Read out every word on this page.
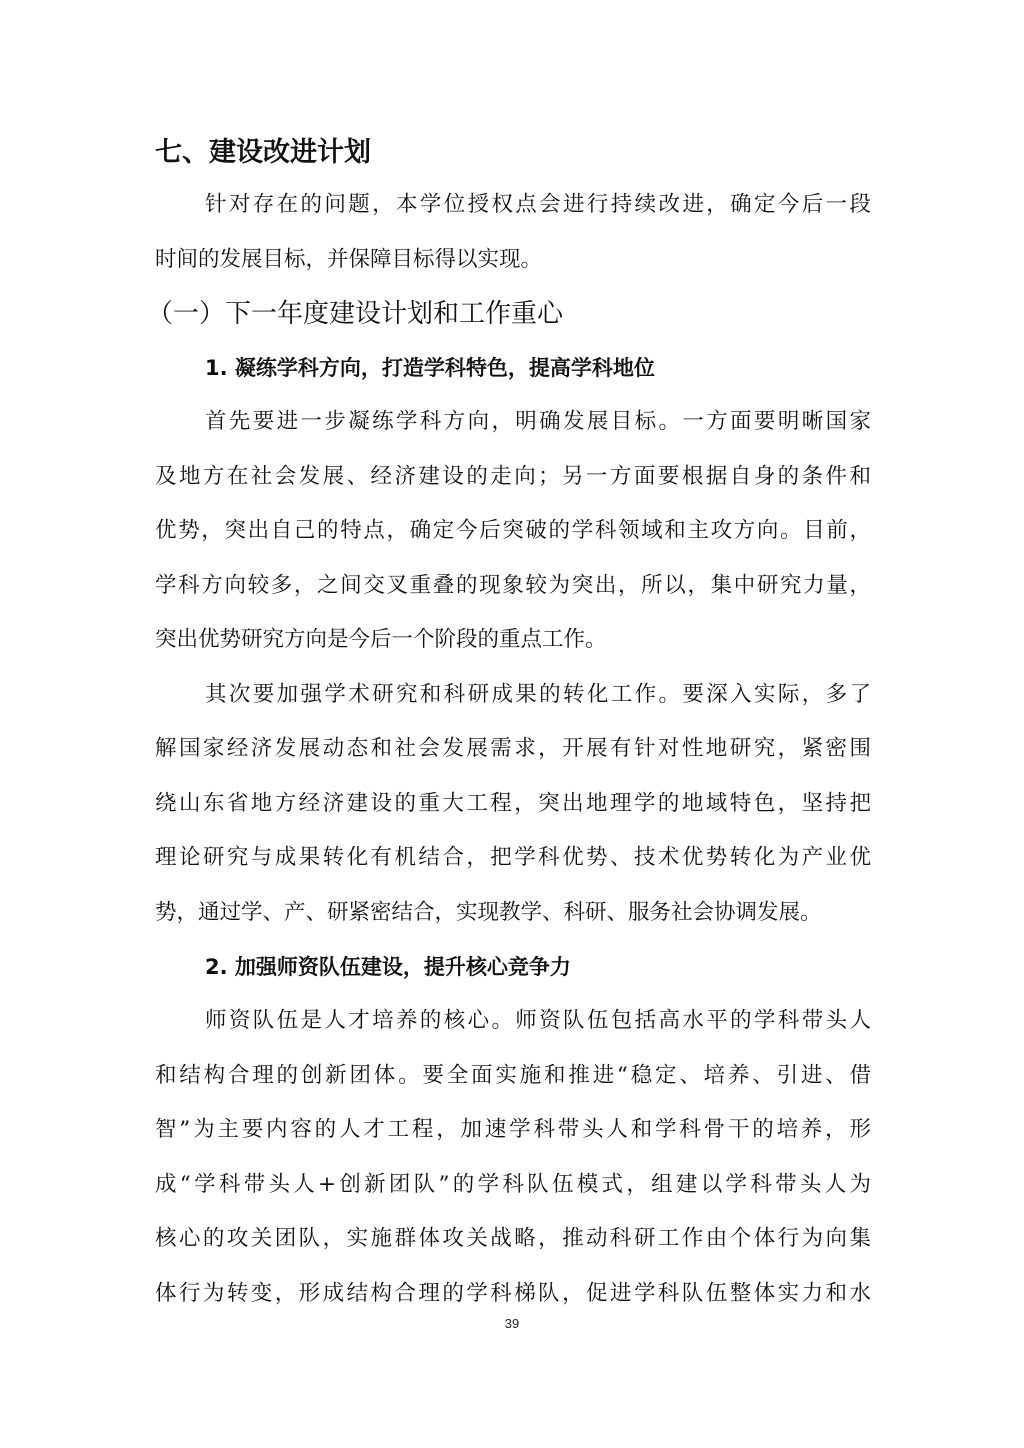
七、建设改进计划
针对存在的问题，本学位授权点会进行持续改进，确定今后一段
时间的发展目标，并保障目标得以实现。
（一）下一年度建设计划和工作重心
1. 凝练学科方向，打造学科特色，提高学科地位
首先要进一步凝练学科方向，明确发展目标。一方面要明晰国家
及地方在社会发展、经济建设的走向；另一方面要根据自身的条件和
优势，突出自己的特点，确定今后突破的学科领域和主攻方向。目前，
学科方向较多，之间交叉重叠的现象较为突出，所以，集中研究力量，
突出优势研究方向是今后一个阶段的重点工作。
其次要加强学术研究和科研成果的转化工作。要深入实际，多了
解国家经济发展动态和社会发展需求，开展有针对性地研究，紧密围
绕山东省地方经济建设的重大工程，突出地理学的地域特色，坚持把
理论研究与成果转化有机结合，把学科优势、技术优势转化为产业优
势，通过学、产、研紧密结合，实现教学、科研、服务社会协调发展。
2. 加强师资队伍建设，提升核心竞争力
师资队伍是人才培养的核心。师资队伍包括高水平的学科带头人
和结构合理的创新团体。要全面实施和推进“稳定、培养、引进、借
智”为主要内容的人才工程，加速学科带头人和学科骨干的培养，形
成“学科带头人+创新团队”的学科队伍模式，组建以学科带头人为
核心的攻关团队，实施群体攻关战略，推动科研工作由个体行为向集
体行为转变，形成结构合理的学科梯队，促进学科队伍整体实力和水
39
